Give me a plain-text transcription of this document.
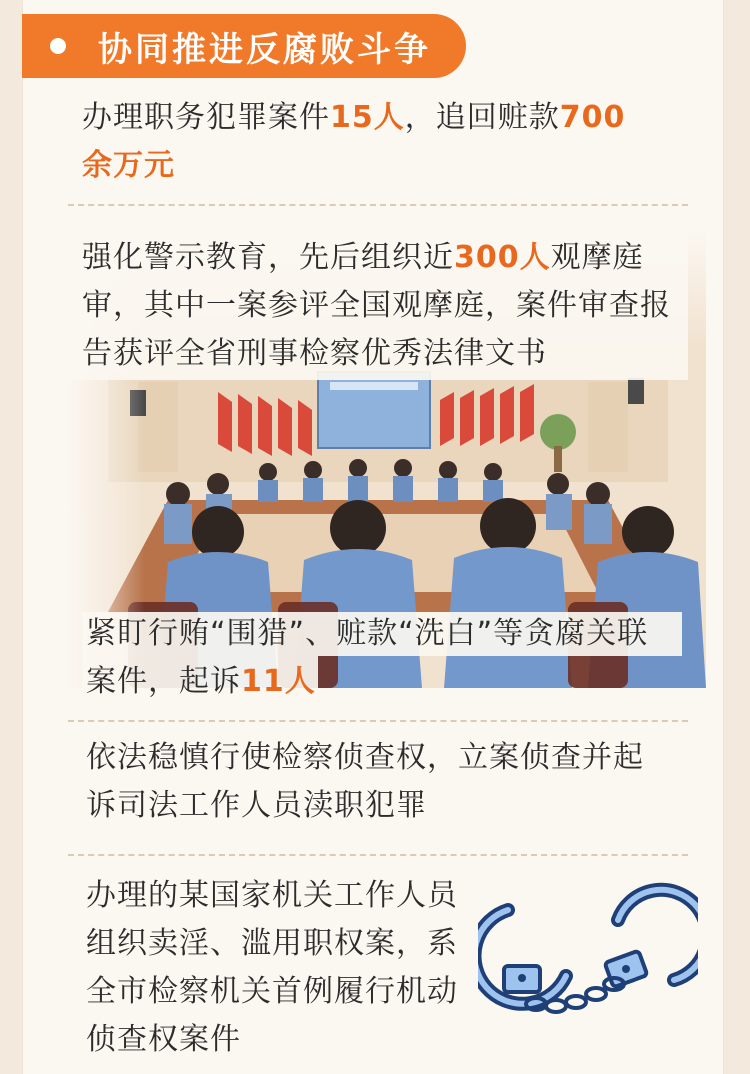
协同推进反腐败斗争
办理职务犯罪案件15人，追回赃款700
余万元
强化警示教育，先后组织近300人观摩庭
审，其中一案参评全国观摩庭，案件审查报
告获评全省刑事检察优秀法律文书
紧盯行贿“围猎”、赃款“洗白”等贪腐关联
案件，起诉11人
依法稳慎行使检察侦查权，立案侦查并起
诉司法工作人员渎职犯罪
办理的某国家机关工作人员
组织卖淫、滥用职权案，系
全市检察机关首例履行机动
侦查权案件
